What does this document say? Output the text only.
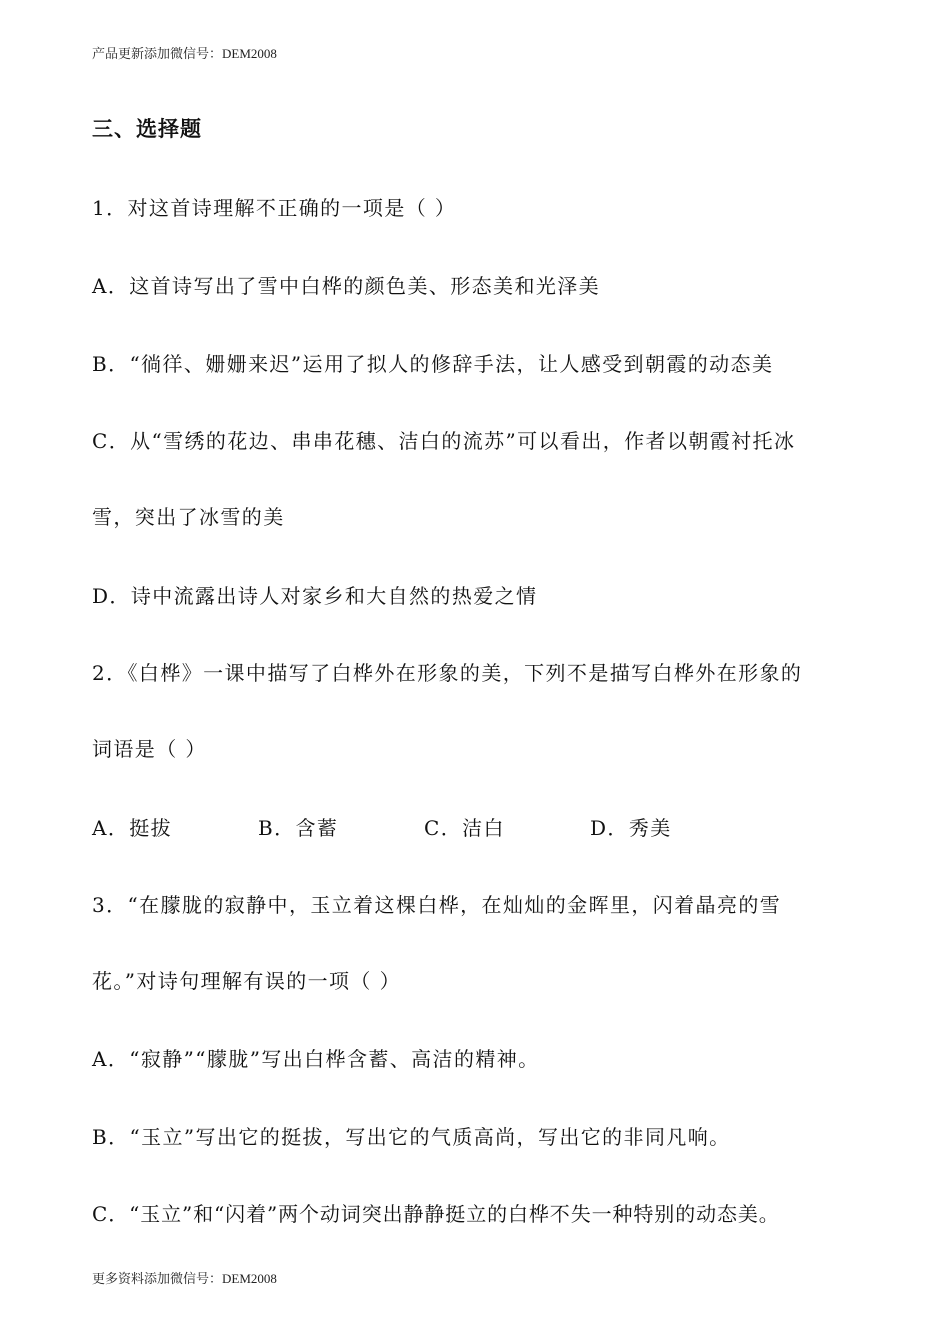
产品更新添加微信号：DEM2008
三、选择题
1．对这首诗理解不正确的一项是（ ）
A．这首诗写出了雪中白桦的颜色美、形态美和光泽美
B．“徜徉、姗姗来迟”运用了拟人的修辞手法，让人感受到朝霞的动态美
C．从“雪绣的花边、串串花穗、洁白的流苏”可以看出，作者以朝霞衬托冰
雪，突出了冰雪的美
D．诗中流露出诗人对家乡和大自然的热爱之情
2．《白桦》一课中描写了白桦外在形象的美，下列不是描写白桦外在形象的
词语是（ ）
A．挺拔	B．含蓄	C．洁白	D．秀美
3．“在朦胧的寂静中，玉立着这棵白桦，在灿灿的金晖里，闪着晶亮的雪
花。”对诗句理解有误的一项（ ）
A．“寂静”“朦胧”写出白桦含蓄、高洁的精神。
B．“玉立”写出它的挺拔，写出它的气质高尚，写出它的非同凡响。
C．“玉立”和“闪着”两个动词突出静静挺立的白桦不失一种特别的动态美。
更多资料添加微信号：DEM2008
